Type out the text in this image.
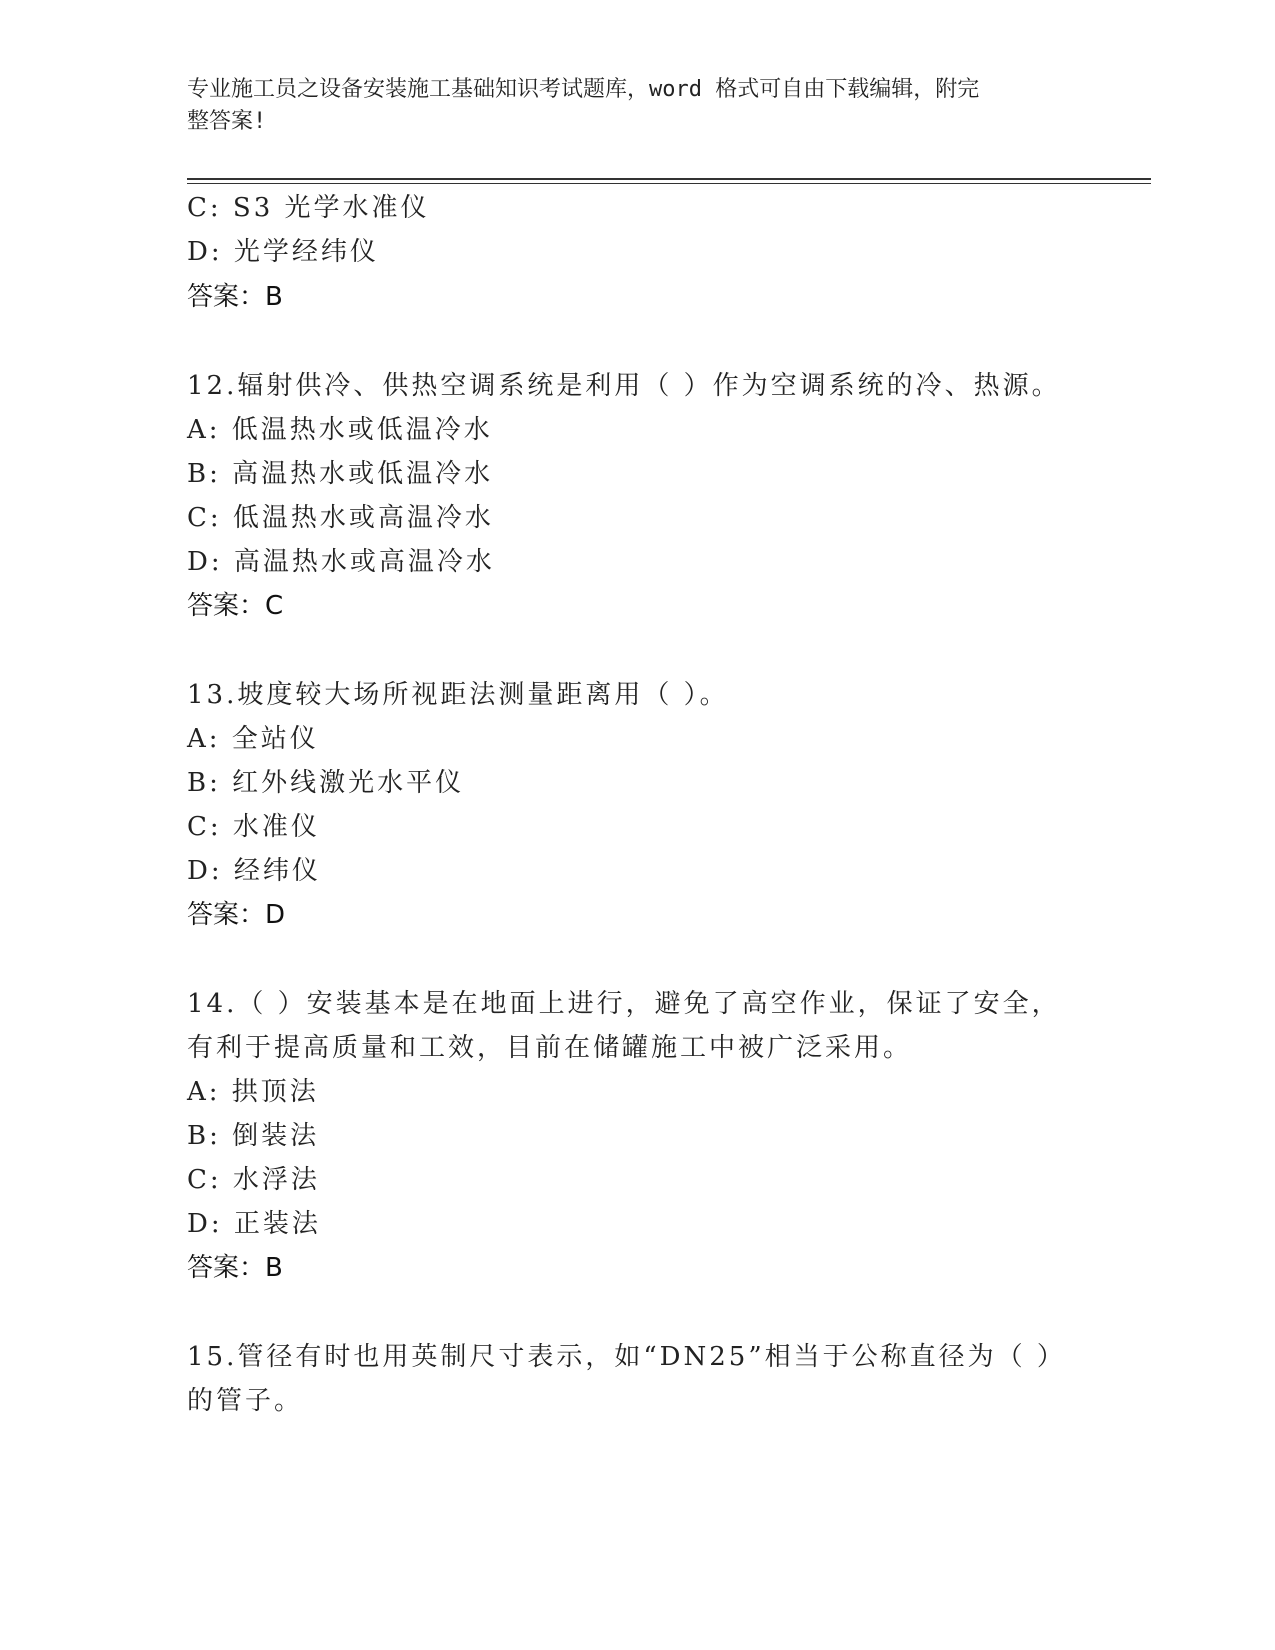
专业施工员之设备安装施工基础知识考试题库，word 格式可自由下载编辑，附完
整答案!
C: S3 光学水准仪
D: 光学经纬仪
答案：B
12.辐射供冷、供热空调系统是利用（ ）作为空调系统的冷、热源。
A: 低温热水或低温冷水
B: 高温热水或低温冷水
C: 低温热水或高温冷水
D: 高温热水或高温冷水
答案：C
13.坡度较大场所视距法测量距离用（ ）。
A: 全站仪
B: 红外线激光水平仪
C: 水准仪
D: 经纬仪
答案：D
14.（ ）安装基本是在地面上进行，避免了高空作业，保证了安全，
有利于提高质量和工效，目前在储罐施工中被广泛采用。
A: 拱顶法
B: 倒装法
C: 水浮法
D: 正装法
答案：B
15.管径有时也用英制尺寸表示，如“DN25”相当于公称直径为（ ）
的管子。
